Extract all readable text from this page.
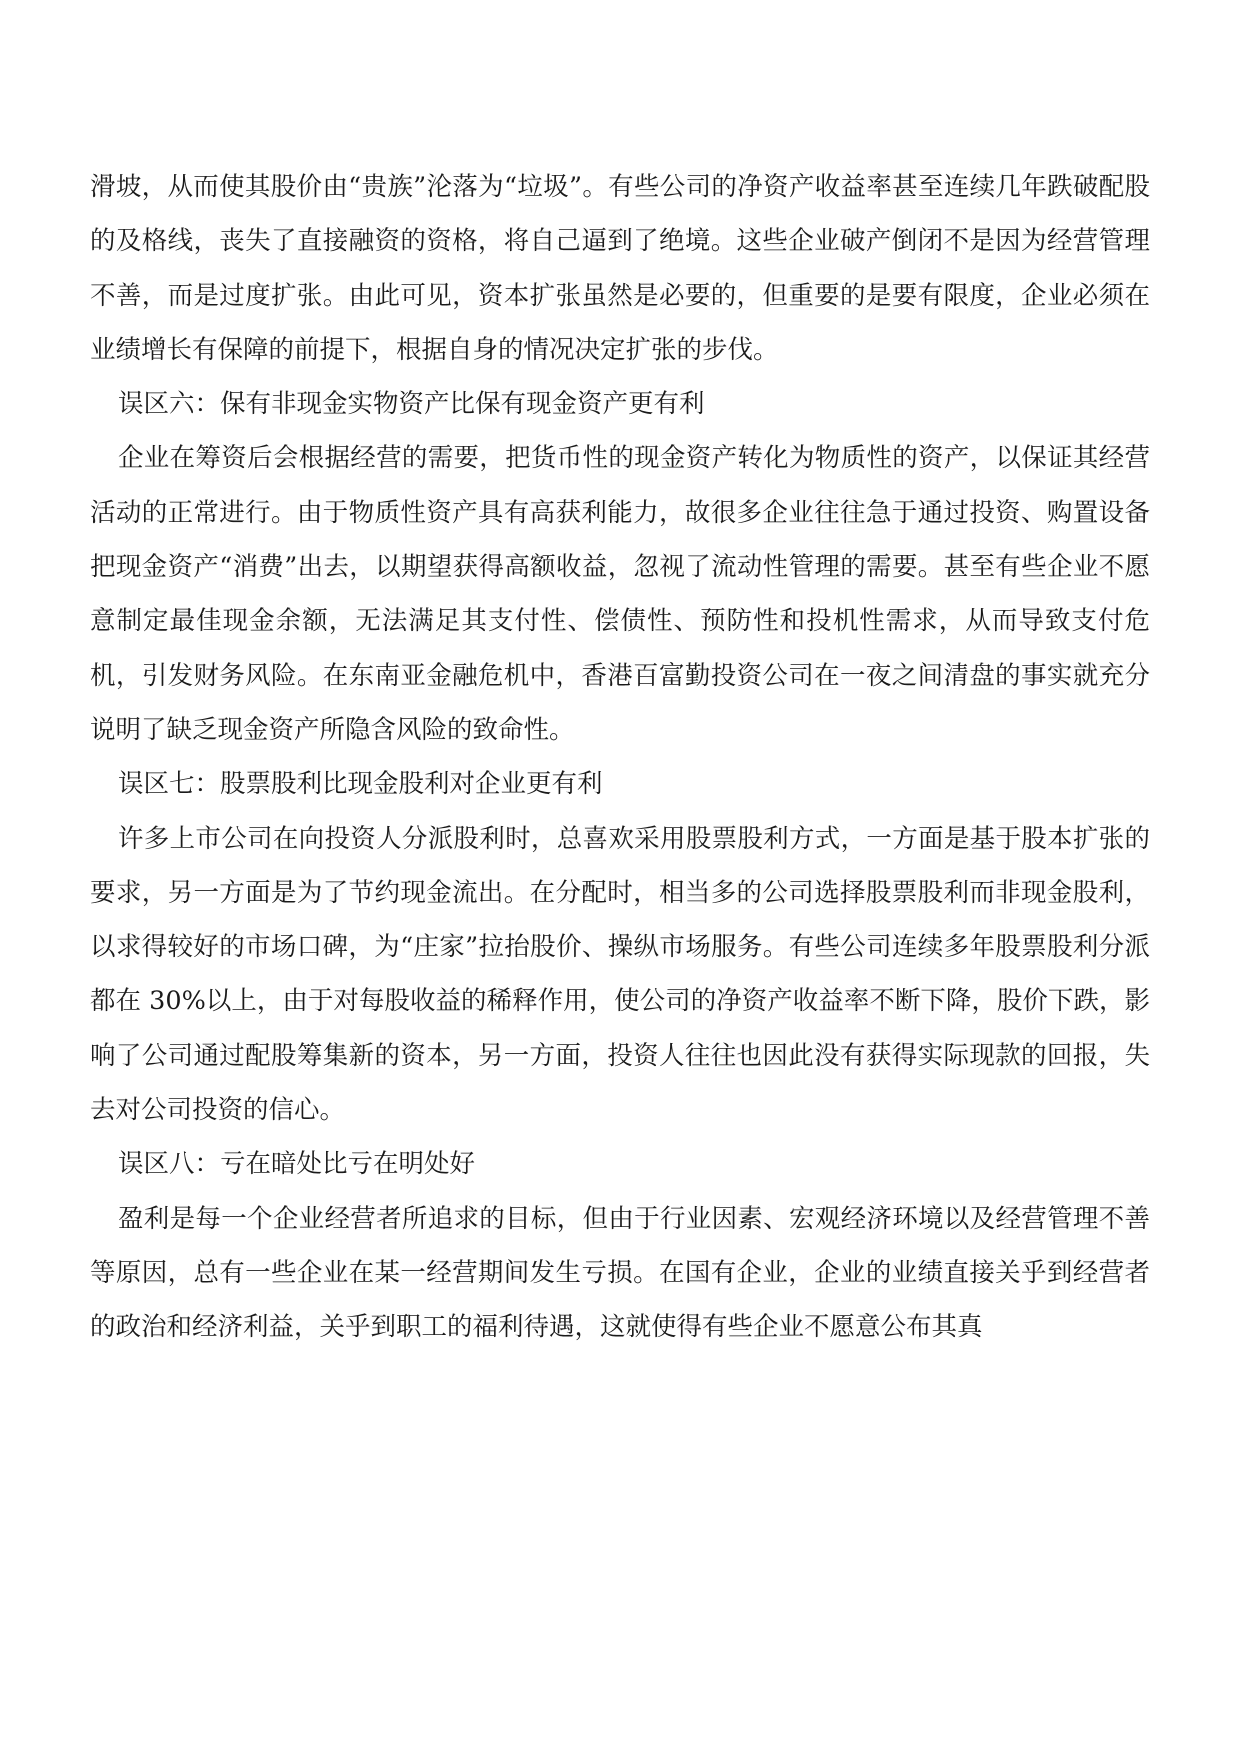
滑坡，从而使其股价由“贵族”沦落为“垃圾”。有些公司的净资产收益率甚至连续几年跌破配股的及格线，丧失了直接融资的资格，将自己逼到了绝境。这些企业破产倒闭不是因为经营管理不善，而是过度扩张。由此可见，资本扩张虽然是必要的，但重要的是要有限度，企业必须在业绩增长有保障的前提下，根据自身的情况决定扩张的步伐。

误区六：保有非现金实物资产比保有现金资产更有利

企业在筹资后会根据经营的需要，把货币性的现金资产转化为物质性的资产，以保证其经营活动的正常进行。由于物质性资产具有高获利能力，故很多企业往往急于通过投资、购置设备把现金资产“消费”出去，以期望获得高额收益，忽视了流动性管理的需要。甚至有些企业不愿意制定最佳现金余额，无法满足其支付性、偿债性、预防性和投机性需求，从而导致支付危机，引发财务风险。在东南亚金融危机中，香港百富勤投资公司在一夜之间清盘的事实就充分说明了缺乏现金资产所隐含风险的致命性。

误区七：股票股利比现金股利对企业更有利

许多上市公司在向投资人分派股利时，总喜欢采用股票股利方式，一方面是基于股本扩张的要求，另一方面是为了节约现金流出。在分配时，相当多的公司选择股票股利而非现金股利，以求得较好的市场口碑，为“庄家”拉抬股价、操纵市场服务。有些公司连续多年股票股利分派都在 30%以上，由于对每股收益的稀释作用，使公司的净资产收益率不断下降，股价下跌，影响了公司通过配股筹集新的资本，另一方面，投资人往往也因此没有获得实际现款的回报，失去对公司投资的信心。

误区八：亏在暗处比亏在明处好

盈利是每一个企业经营者所追求的目标，但由于行业因素、宏观经济环境以及经营管理不善等原因，总有一些企业在某一经营期间发生亏损。在国有企业，企业的业绩直接关乎到经营者的政治和经济利益，关乎到职工的福利待遇，这就使得有些企业不愿意公布其真
